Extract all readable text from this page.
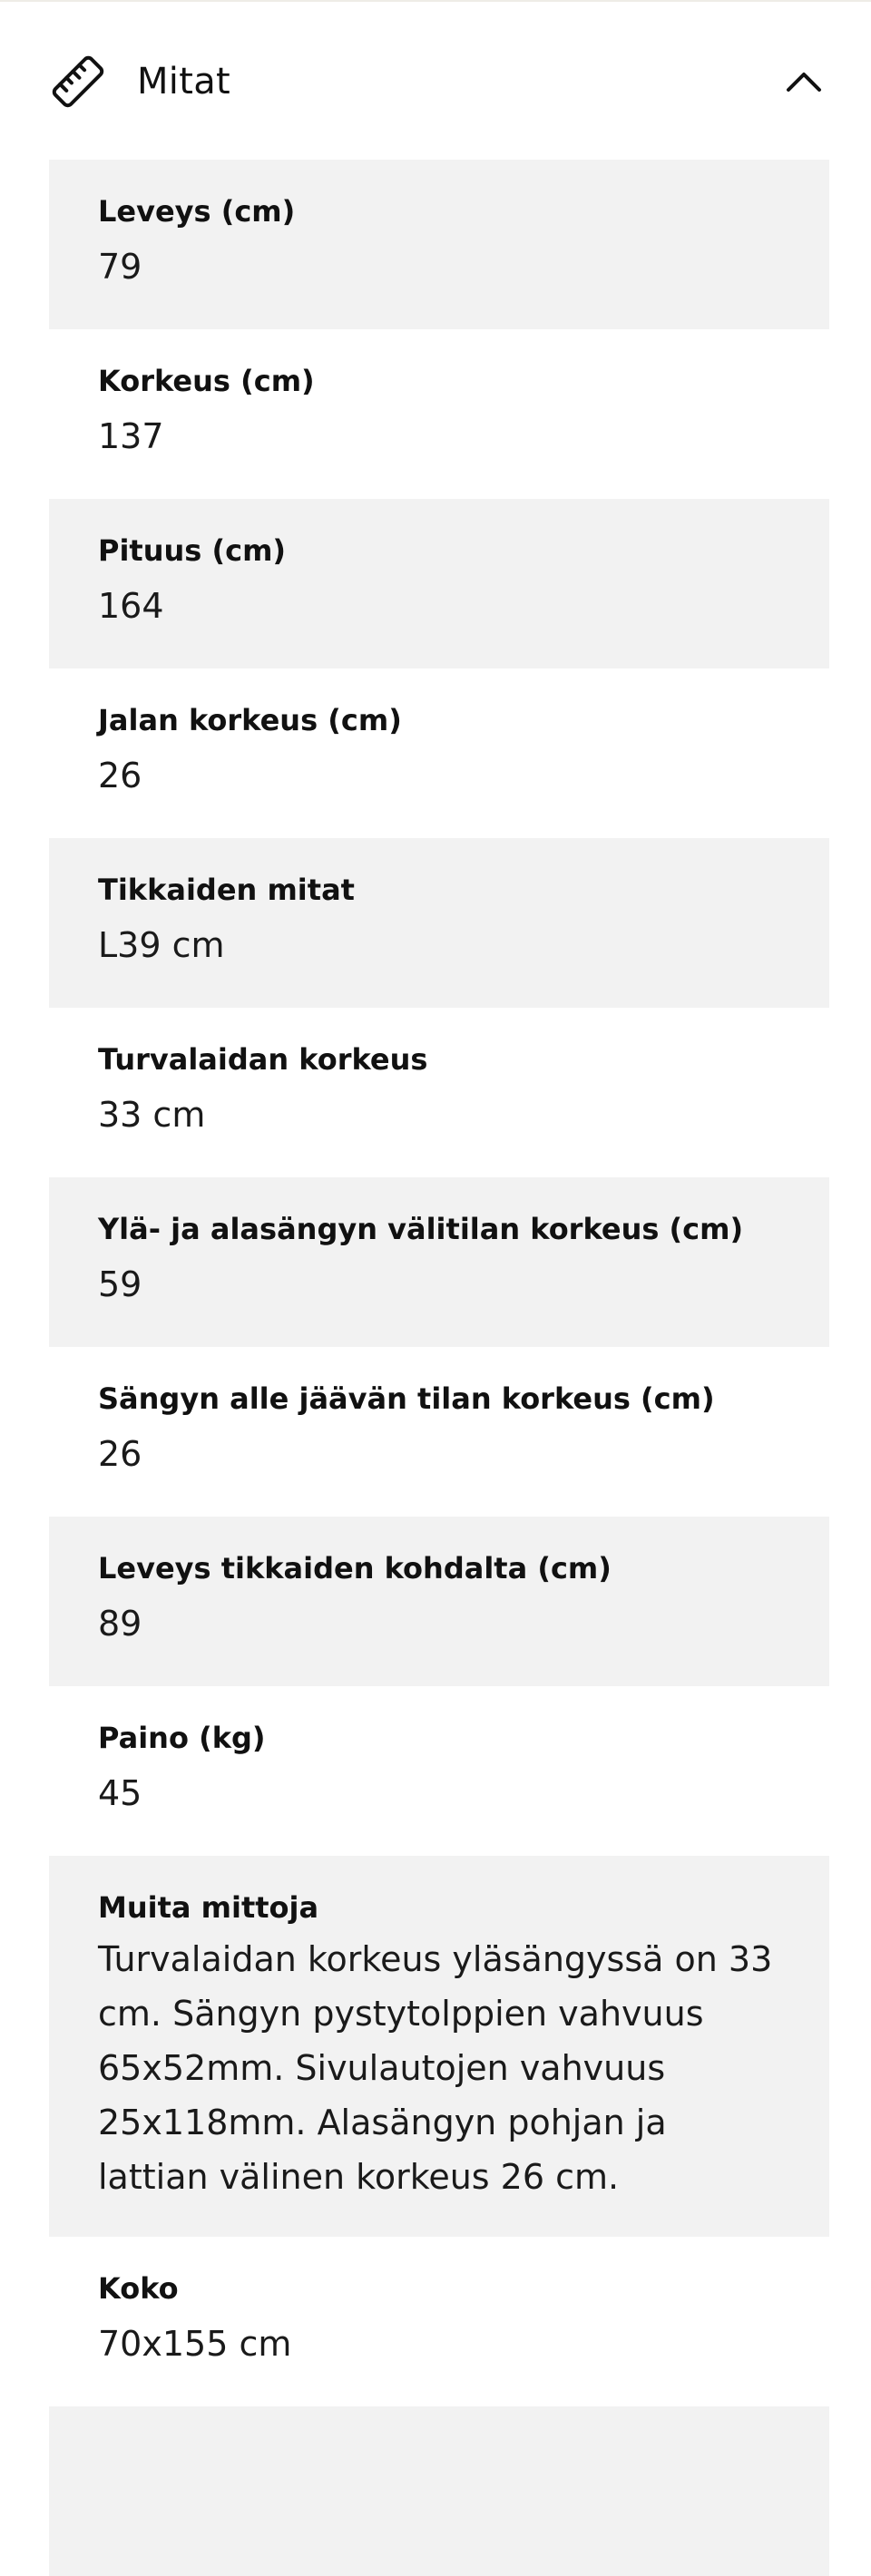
Mitat
Leveys (cm)
79
Korkeus (cm)
137
Pituus (cm)
164
Jalan korkeus (cm)
26
Tikkaiden mitat
L39 cm
Turvalaidan korkeus
33 cm
Ylä- ja alasängyn välitilan korkeus (cm)
59
Sängyn alle jäävän tilan korkeus (cm)
26
Leveys tikkaiden kohdalta (cm)
89
Paino (kg)
45
Muita mittoja
Turvalaidan korkeus yläsängyssä on 33 cm. Sängyn pystytolppien vahvuus 65x52mm. Sivulautojen vahvuus 25x118mm. Alasängyn pohjan ja lattian välinen korkeus 26 cm.
Koko
70x155 cm
